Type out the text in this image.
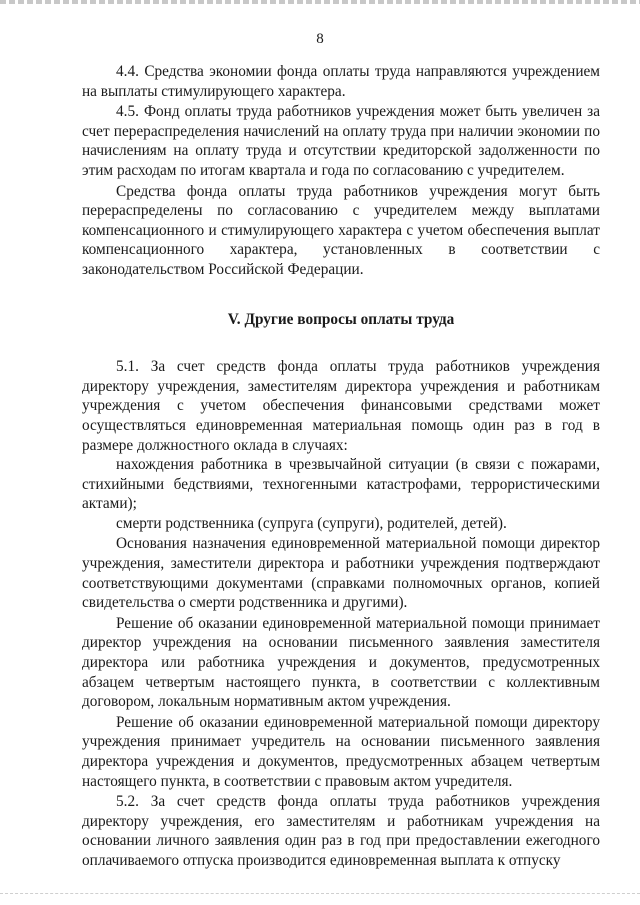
8

4.4. Средства экономии фонда оплаты труда направляются учреждением на выплаты стимулирующего характера.

4.5. Фонд оплаты труда работников учреждения может быть увеличен за счет перераспределения начислений на оплату труда при наличии экономии по начислениям на оплату труда и отсутствии кредиторской задолженности по этим расходам по итогам квартала и года по согласованию с учредителем.

Средства фонда оплаты труда работников учреждения могут быть перераспределены по согласованию с учредителем между выплатами компенсационного и стимулирующего характера с учетом обеспечения выплат компенсационного характера, установленных в соответствии с законодательством Российской Федерации.

V. Другие вопросы оплаты труда

5.1. За счет средств фонда оплаты труда работников учреждения директору учреждения, заместителям директора учреждения и работникам учреждения с учетом обеспечения финансовыми средствами может осуществляться единовременная материальная помощь один раз в год в размере должностного оклада в случаях:

нахождения работника в чрезвычайной ситуации (в связи с пожарами, стихийными бедствиями, техногенными катастрофами, террористическими актами);

смерти родственника (супруга (супруги), родителей, детей).

Основания назначения единовременной материальной помощи директор учреждения, заместители директора и работники учреждения подтверждают соответствующими документами (справками полномочных органов, копией свидетельства о смерти родственника и другими).

Решение об оказании единовременной материальной помощи принимает директор учреждения на основании письменного заявления заместителя директора или работника учреждения и документов, предусмотренных абзацем четвертым настоящего пункта, в соответствии с коллективным договором, локальным нормативным актом учреждения.

Решение об оказании единовременной материальной помощи директору учреждения принимает учредитель на основании письменного заявления директора учреждения и документов, предусмотренных абзацем четвертым настоящего пункта, в соответствии с правовым актом учредителя.

5.2. За счет средств фонда оплаты труда работников учреждения директору учреждения, его заместителям и работникам учреждения на основании личного заявления один раз в год при предоставлении ежегодного оплачиваемого отпуска производится единовременная выплата к отпуску
